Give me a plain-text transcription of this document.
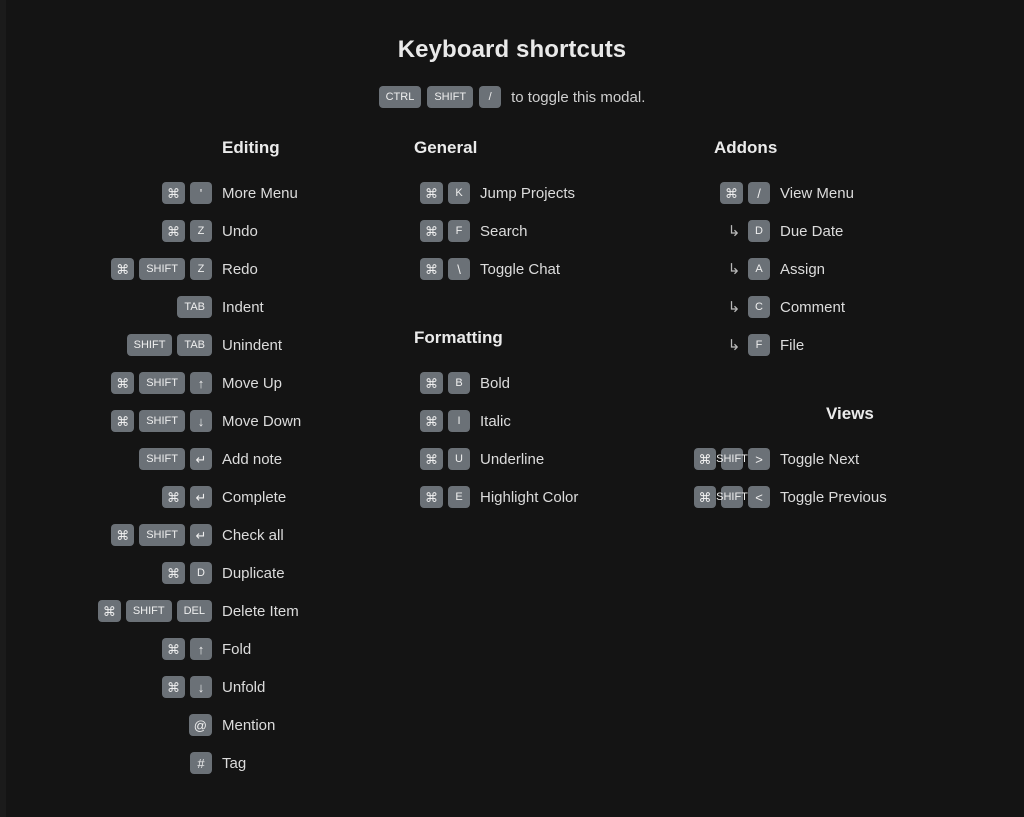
Keyboard shortcuts
CTRL	SHIFT	/	to toggle this modal.
Editing
⌘	'	More Menu
⌘	Z	Undo
⌘	SHIFT	Z	Redo
TAB	Indent
SHIFT	TAB	Unindent
⌘	SHIFT	↑	Move Up
⌘	SHIFT	↓	Move Down
SHIFT	↵	Add note
⌘	↵	Complete
⌘	SHIFT	↵	Check all
⌘	D	Duplicate
⌘	SHIFT	DEL	Delete Item
⌘	↑	Fold
⌘	↓	Unfold
@	Mention
#	Tag
General
⌘	K	Jump Projects
⌘	F	Search
⌘	\	Toggle Chat
Formatting
⌘	B	Bold
⌘	I	Italic
⌘	U	Underline
⌘	E	Highlight Color
Addons
⌘	/	View Menu
↳	D	Due Date
↳	A	Assign
↳	C	Comment
↳	F	File
Views
⌘ SHIFT >	Toggle Next
⌘ SHIFT <	Toggle Previous
